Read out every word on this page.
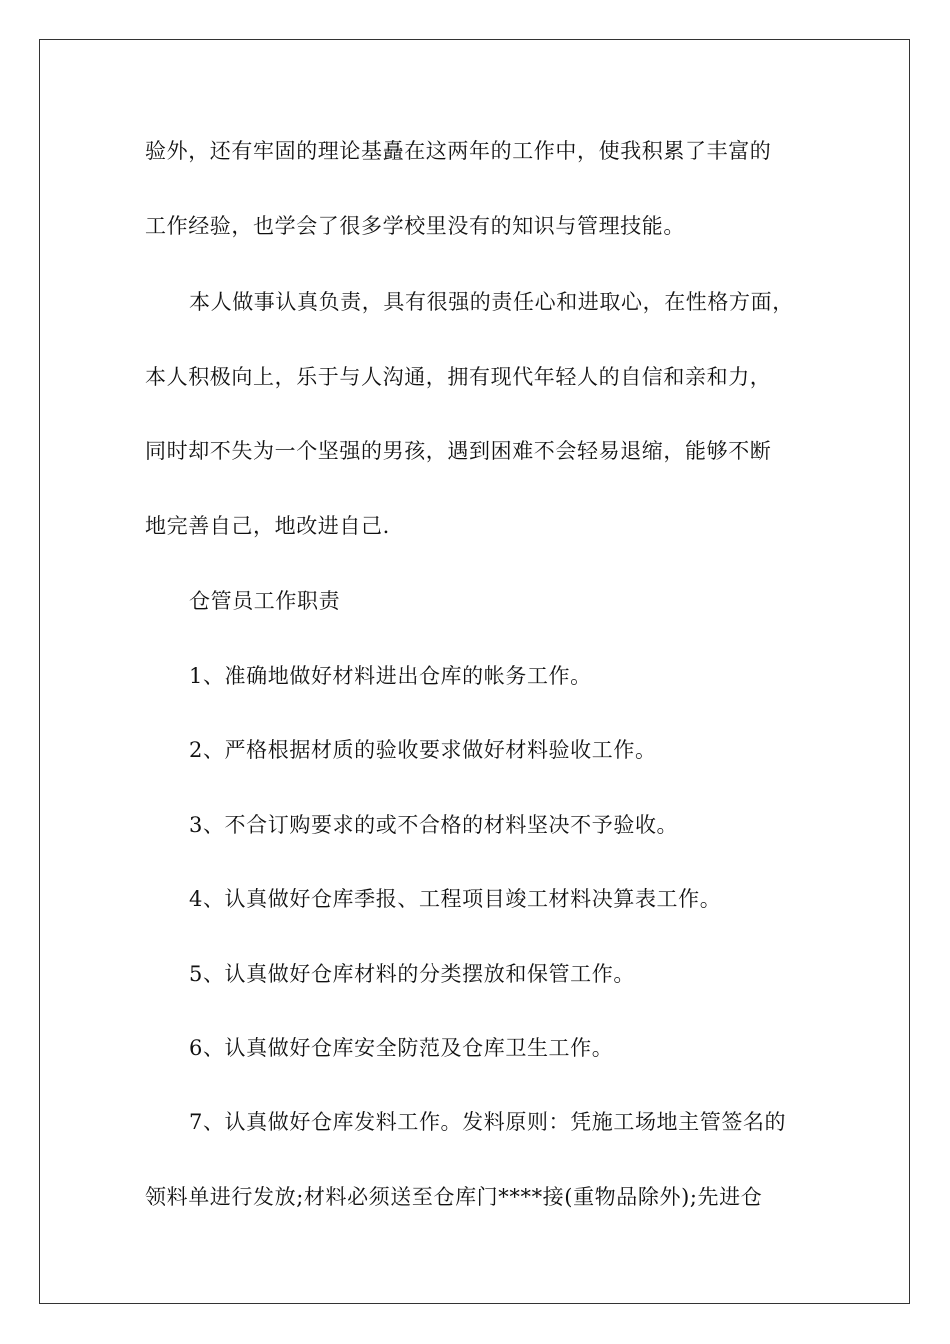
验外，还有牢固的理论基矗在这两年的工作中，使我积累了丰富的
工作经验，也学会了很多学校里没有的知识与管理技能。
本人做事认真负责，具有很强的责任心和进取心，在性格方面，
本人积极向上，乐于与人沟通，拥有现代年轻人的自信和亲和力，
同时却不失为一个坚强的男孩，遇到困难不会轻易退缩，能够不断
地完善自己，地改进自己.
仓管员工作职责
1、准确地做好材料进出仓库的帐务工作。
2、严格根据材质的验收要求做好材料验收工作。
3、不合订购要求的或不合格的材料坚决不予验收。
4、认真做好仓库季报、工程项目竣工材料决算表工作。
5、认真做好仓库材料的分类摆放和保管工作。
6、认真做好仓库安全防范及仓库卫生工作。
7、认真做好仓库发料工作。发料原则：凭施工场地主管签名的
领料单进行发放;材料必须送至仓库门****接(重物品除外);先进仓
